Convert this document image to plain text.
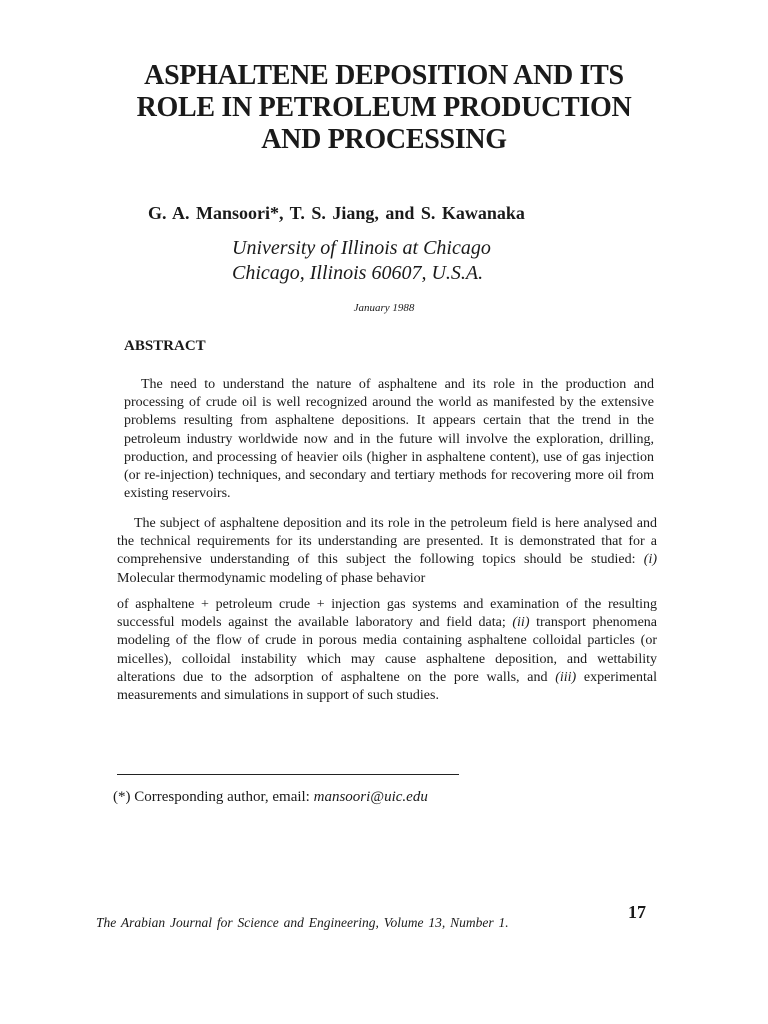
ASPHALTENE DEPOSITION AND ITS
ROLE IN PETROLEUM PRODUCTION
AND PROCESSING

G. A. Mansoori*, T. S. Jiang, and S. Kawanaka

University of Illinois at Chicago
Chicago, Illinois 60607, U.S.A.
January 1988
ABSTRACT

The need to understand the nature of asphaltene and its role in the production and processing of crude oil is well recognized around the world as manifested by the extensive problems resulting from asphaltene depositions. It appears certain that the trend in the petroleum industry worldwide now and in the future will involve the exploration, drilling, production, and processing of heavier oils (higher in asphaltene content), use of gas injection (or re-injection) techniques, and secondary and tertiary methods for recovering more oil from existing reservoirs.

The subject of asphaltene deposition and its role in the petroleum field is here analysed and the technical requirements for its understanding are presented. It is demonstrated that for a comprehensive understanding of this subject the following topics should be studied: (i) Molecular thermodynamic modeling of phase behavior

of asphaltene + petroleum crude + injection gas systems and examination of the resulting successful models against the available laboratory and field data; (ii) transport phenomena modeling of the flow of crude in porous media containing asphaltene colloidal particles (or micelles), colloidal instability which may cause asphaltene deposition, and wettability alterations due to the adsorption of asphaltene on the pore walls, and (iii) experimental measurements and simulations in support of such studies.

(*) Corresponding author, email: mansoori@uic.edu
The Arabian Journal for Science and Engineering, Volume 13, Number 1.
17
